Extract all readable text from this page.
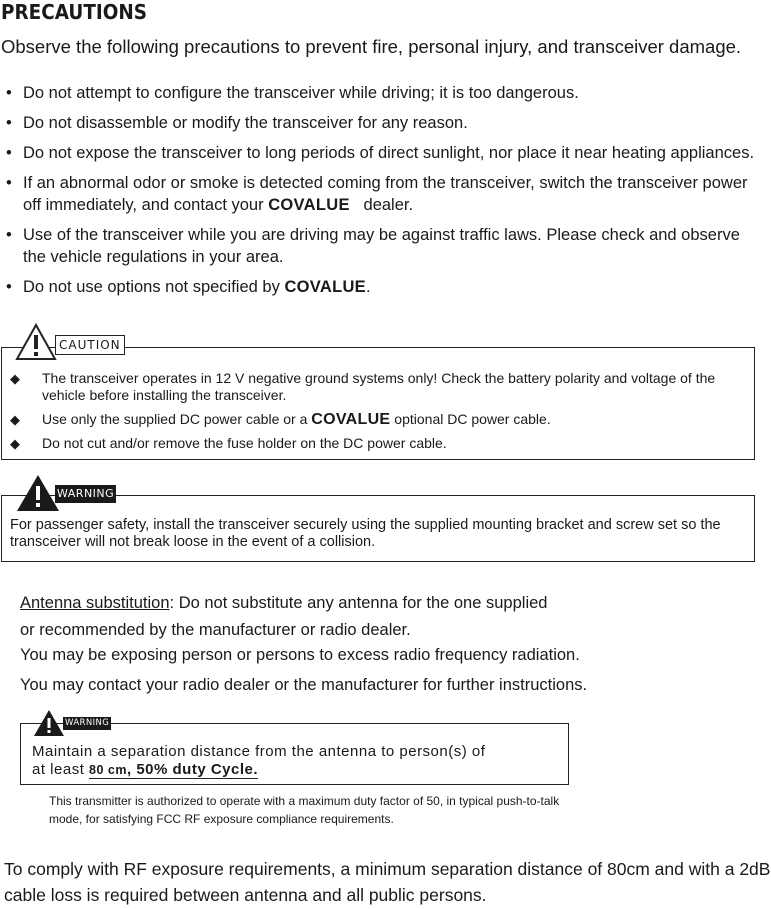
PRECAUTIONS
Observe the following precautions to prevent fire, personal injury, and transceiver damage.
• Do not attempt to configure the transceiver while driving; it is too dangerous.
• Do not disassemble or modify the transceiver for any reason.
• Do not expose the transceiver to long periods of direct sunlight, nor place it near heating appliances.
• If an abnormal odor or smoke is detected coming from the transceiver, switch the transceiver power off immediately, and contact your COVALUE dealer.
• Use of the transceiver while you are driving may be against traffic laws. Please check and observe the vehicle regulations in your area.
• Do not use options not specified by COVALUE.
CAUTION
◆ The transceiver operates in 12 V negative ground systems only! Check the battery polarity and voltage of the vehicle before installing the transceiver.
◆ Use only the supplied DC power cable or a COVALUE optional DC power cable.
◆ Do not cut and/or remove the fuse holder on the DC power cable.
WARNING
For passenger safety, install the transceiver securely using the supplied mounting bracket and screw set so the transceiver will not break loose in the event of a collision.
Antenna substitution: Do not substitute any antenna for the one supplied
or recommended by the manufacturer or radio dealer.
You may be exposing person or persons to excess radio frequency radiation.
You may contact your radio dealer or the manufacturer for further instructions.
WARNING
Maintain a separation distance from the antenna to person(s) of
at least 80 cm, 50% duty Cycle.
This transmitter is authorized to operate with a maximum duty factor of 50, in typical push-to-talk mode, for satisfying FCC RF exposure compliance requirements.
To comply with RF exposure requirements, a minimum separation distance of 80cm and with a 2dB cable loss is required between antenna and all public persons.
